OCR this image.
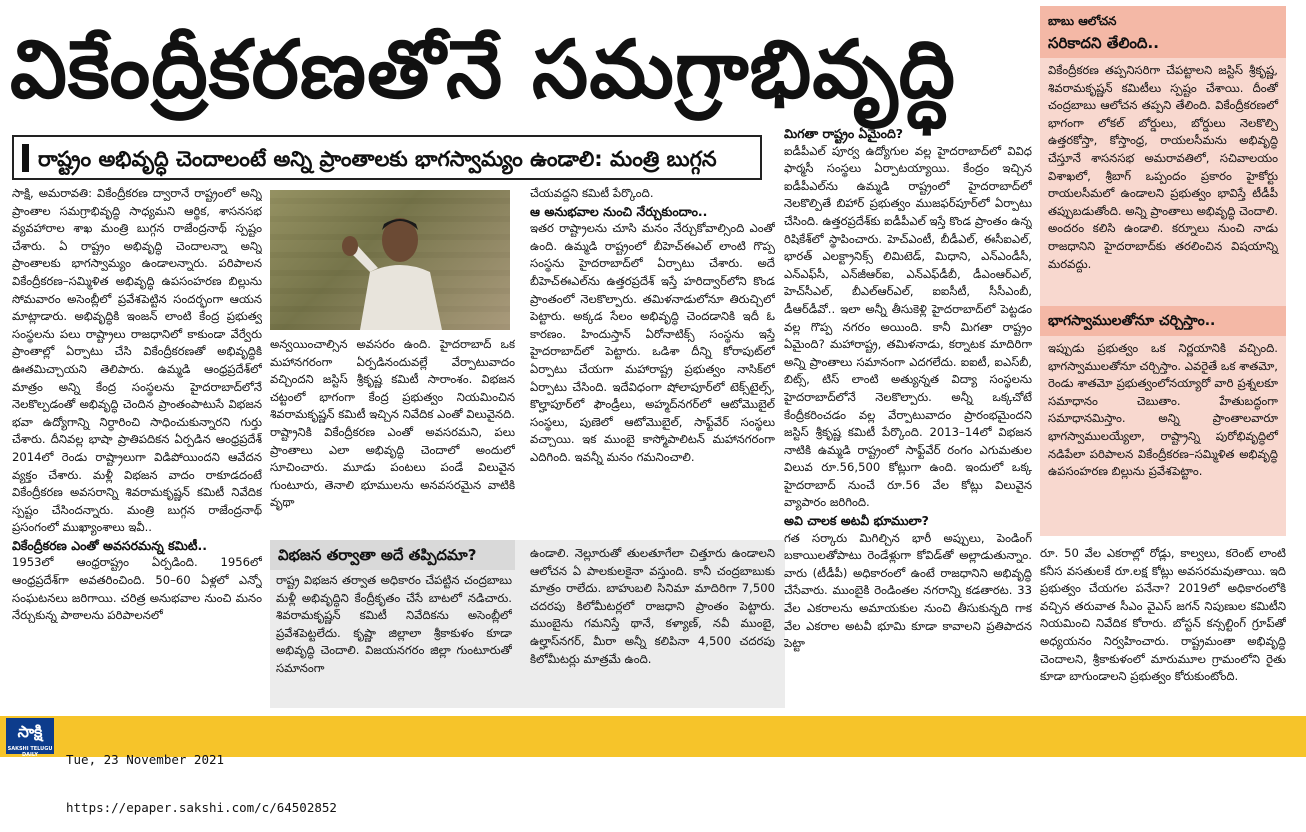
వికేంద్రీకరణతోనే సమగ్రాభివృద్ధి
రాష్ట్రం అభివృద్ధి చెందాలంటే అన్ని ప్రాంతాలకు భాగస్వామ్యం ఉండాలి: మంత్రి బుగ్గన

సాక్షి, అమరావతి: వికేంద్రీకరణ ద్వారానే రాష్ట్రంలో అన్ని ప్రాంతాల సమగ్రాభివృద్ధి సాధ్యమని ఆర్థిక, శాసనసభ వ్యవహారాల శాఖ మంత్రి బుగ్గన రాజేంద్రనాథ్ స్పష్టం చేశారు. ఏ రాష్ట్రం అభివృద్ధి చెందాలన్నా అన్ని ప్రాంతాలకు భాగస్వామ్యం ఉండాలన్నారు. పరిపాలన వికేంద్రీకరణ–సమ్మిళిత అభివృద్ధి ఉపసంహరణ బిల్లును సోమవారం అసెంబ్లీలో ప్రవేశపెట్టిన సందర్భంగా ఆయన మాట్లాడారు. అభివృద్ధికి ఇంజన్ లాంటి కేంద్ర ప్రభుత్వ సంస్థలను పలు రాష్ట్రాలు రాజధానిలో కాకుండా వేర్వేరు ప్రాంతాల్లో ఏర్పాటు చేసి వికేంద్రీకరణతో అభివృద్ధికి ఊతమిచ్చాయని తెలిపారు. ఉమ్మడి ఆంధ్రప్రదేశ్‌లో మాత్రం అన్ని కేంద్ర సంస్థలను హైదరాబాద్‌లోనే నెలకొల్పడంతో అభివృద్ధి చెందిన ప్రాంతంపాటుసే విభజన భవా ఉద్యోగాన్ని నిర్ధారించి సాధించుకున్నారని గుర్తు చేశారు. దీనివల్ల భాషా ప్రాతిపదికన ఏర్పడిన ఆంధ్రప్రదేశ్ 2014లో రెండు రాష్ట్రాలుగా విడిపోయిందని ఆవేదన వ్యక్తం చేశారు. మళ్లీ విభజన వాదం రాకూడదంటే వికేంద్రీకరణ అవసరాన్ని శివరామకృష్ణన్ కమిటీ నివేదిక స్పష్టం చేసిందన్నారు. మంత్రి బుగ్గన రాజేంద్రనాథ్ ప్రసంగంలో ముఖ్యాంశాలు ఇవీ..

వికేంద్రీకరణ ఎంతో అవసరమన్న కమిటీ..

1953లో ఆంధ్రరాష్ట్రం ఏర్పడింది. 1956లో ఆంధ్రప్రదేశ్‌గా అవతరించింది. 50–60 ఏళ్లలో ఎన్నో సంఘటనలు జరిగాయి. చరిత్ర అనుభవాల నుంచి మనం నేర్చుకున్న పాఠాలను పరిపాలనలో

అన్వయించాల్సిన అవసరం ఉంది. హైదరాబాద్ ఒక మహానగరంగా ఏర్పడినందువల్లే వేర్పాటువాదం వచ్చిందని జస్టిస్ శ్రీకృష్ణ కమిటీ సారాంశం. విభజన చట్టంలో భాగంగా కేంద్ర ప్రభుత్వం నియమించిన శివరామకృష్ణన్ కమిటీ ఇచ్చిన నివేదిక ఎంతో విలువైనది. రాష్ట్రానికి వికేంద్రీకరణ ఎంతో అవసరమని, పలు ప్రాంతాలు ఎలా అభివృద్ధి చెందాలో అందులో సూచించారు. మూడు పంటలు పండే విలువైన గుంటూరు, తెనాలి భూములను అనవసరమైన వాటికి వృథా

విభజన తర్వాతా అదే తప్పిదమా?

రాష్ట్ర విభజన తర్వాత అధికారం చేపట్టిన చంద్రబాబు మళ్లీ అభివృద్ధిని కేంద్రీకృతం చేసే బాటలో నడిచారు. శివరామకృష్ణన్ కమిటీ నివేదికను అసెంబ్లీలో ప్రవేశపెట్టలేదు. కృష్ణా జిల్లాలా శ్రీకాకుళం కూడా అభివృద్ధి చెందాలి. విజయనగరం జిల్లా గుంటూరుతో సమానంగా

చేయవద్దని కమిటీ పేర్కొంది.

ఆ అనుభవాల నుంచి నేర్చుకుందాం..

ఇతర రాష్ట్రాలను చూసి మనం నేర్చుకోవాల్సింది ఎంతో ఉంది. ఉమ్మడి రాష్ట్రంలో బీహెచ్‌ఈఎల్ లాంటి గొప్ప సంస్థను హైదరాబాద్‌లో ఏర్పాటు చేశారు. అదే బీహెచ్‌ఈఎల్‌ను ఉత్తరప్రదేశ్ ఇస్తే హరిద్వార్‌లోని కొండ ప్రాంతంలో నెలకొల్పారు. తమిళనాడులోనూ తిరుచ్చిలో పెట్టారు. అక్కడ సేలం అభివృద్ధి చెందడానికి ఇదీ ఓ కారణం. హిందుస్తాన్ ఏరోనాటిక్స్ సంస్థను ఇస్తే హైదరాబాద్‌లో పెట్టారు. ఒడిశా దీన్ని కోరాపుట్‌లో ఏర్పాటు చేయగా మహారాష్ట్ర ప్రభుత్వం నాసిక్‌లో ఏర్పాటు చేసింది. ఇదేవిధంగా షోలాపూర్‌లో టెక్స్‌టైల్స్, కొల్హాపూర్‌లో ఫౌండ్రీలు, అహ్మద్‌నగర్‌లో ఆటోమొబైల్ సంస్థలు, పుణెలో ఆటోమొబైల్, సాఫ్ట్‌వేర్ సంస్థలు వచ్చాయి. ఇక ముంబై కాస్మోపాలిటన్ మహానగరంగా ఎదిగింది. ఇవన్నీ మనం గమనించాలి.

ఉండాలి. నెల్లూరుతో తులతూగేలా చిత్తూరు ఉండాలని ఆలోచన ఏ పాలకులకైనా వస్తుంది. కానీ చంద్రబాబుకు మాత్రం రాలేదు. బాహుబలి సినిమా మాదిరిగా 7,500 చదరపు కిలోమీటర్లలో రాజధాని ప్రాంతం పెట్టారు. ముంబైను గమనిస్తే థానే, కళ్యాణ్, నవీ ముంబై, ఉల్హాస్‌నగర్, మీరా అన్నీ కలిపినా 4,500 చదరపు కిలోమీటర్లు మాత్రమే ఉంది.

మిగతా రాష్ట్రం ఏమైంది?

ఐడీపీఎల్ పూర్వ ఉద్యోగుల వల్ల హైదరాబాద్‌లో వివిధ ఫార్మసీ సంస్థలు ఏర్పాటయ్యాయి. కేంద్రం ఇచ్చిన ఐడీపీఎల్‌ను ఉమ్మడి రాష్ట్రంలో హైదరాబాద్‌లో నెలకొల్పితే బిహార్ ప్రభుత్వం ముజఫర్‌పూర్‌లో ఏర్పాటు చేసింది. ఉత్తరప్రదేశ్‌కు ఐడీపీఎల్ ఇస్తే కొండ ప్రాంతం ఉన్న రిషికేశ్‌లో స్థాపించారు. హెచ్‌ఎంటీ, బీడీఎల్, ఈసీఐఎల్, భారత్ ఎలక్ట్రానిక్స్ లిమిటెడ్, మిధాని, ఎన్‌ఎండీసీ, ఎన్‌ఎఫ్‌సీ, ఎన్‌జీఆర్‌ఐ, ఎన్‌ఎఫ్‌డీబీ, డీఎంఆర్‌ఎల్, హెచ్‌సీఎల్, బీఎల్‌ఆర్‌ఎల్, ఐఐసీటీ, సీసీఎంబీ, డీఆర్‌డీవో.. ఇలా అన్నీ తీసుకెళ్లి హైదరాబాద్‌లో పెట్టడం వల్ల గొప్ప నగరం అయింది. కానీ మిగతా రాష్ట్రం ఏమైంది? మహారాష్ట్ర, తమిళనాడు, కర్నాటక మాదిరిగా అన్ని ప్రాంతాలు సమానంగా ఎదగలేదు. ఐఐటీ, ఐఎస్‌బీ, బిట్స్, టిస్ లాంటి అత్యున్నత విద్యా సంస్థలను హైదరాబాద్‌లోనే నెలకొల్పారు. అన్నీ ఒక్కచోటే కేంద్రీకరించడం వల్ల వేర్పాటువాదం ప్రారంభమైందని జస్టిస్ శ్రీకృష్ణ కమిటీ పేర్కొంది. 2013–14లో విభజన నాటికి ఉమ్మడి రాష్ట్రంలో సాఫ్ట్‌వేర్ రంగం ఎగుమతుల విలువ రూ.56,500 కోట్లుగా ఉంది. ఇందులో ఒక్క హైదరాబాద్ నుంచే రూ.56 వేల కోట్లు విలువైన వ్యాపారం జరిగింది.

అవి చాలక అటవీ భూములా?

గత సర్కారు మిగిల్చిన భారీ అప్పులు, పెండింగ్ బకాయిలతోపాటు రెండేళ్లుగా కోవిడ్‌తో అల్లాడుతున్నాం. వారు (టీడీపీ) అధికారంలో ఉంటే రాజధానిని అభివృద్ధి చేసేవారు. ముంబైకి రెండింతల నగరాన్ని కడతారట. 33 వేల ఎకరాలను అమాయకుల నుంచి తీసుకున్నది గాక వేల ఎకరాల అటవీ భూమి కూడా కావాలని ప్రతిపాదన పెట్టా

బాబు ఆలోచన
సరికాదని తేలింది..

వికేంద్రీకరణ తప్పనిసరిగా చేపట్టాలని జస్టిస్ శ్రీకృష్ణ, శివరామకృష్ణన్ కమిటీలు స్పష్టం చేశాయి. దీంతో చంద్రబాబు ఆలోచన తప్పని తేలింది. వికేంద్రీకరణలో భాగంగా లోకల్ బోర్డులు, బోర్డులు నెలకొల్పి ఉత్తరకోస్తా, కోస్తాంధ్ర, రాయలసీమను అభివృద్ధి చేస్తూనే శాసనసభ అమరావతిలో, సచివాలయం విశాఖలో, శ్రీబాగ్ ఒప్పందం ప్రకారం హైకోర్టు రాయలసీమలో ఉండాలని ప్రభుత్వం భావిస్తే టీడీపీ తప్పుబడుతోంది. అన్ని ప్రాంతాలు అభివృద్ధి చెందాలి. అందరం కలిసి ఉండాలి. కర్నూలు నుంచి నాడు రాజధానిని హైదరాబాద్‌కు తరలించిన విషయాన్ని మరవద్దు.

భాగస్వాములతోనూ చర్చిస్తాం..

ఇప్పుడు ప్రభుత్వం ఒక నిర్ణయానికి వచ్చింది. భాగస్వాములతోనూ చర్చిస్తాం. ఎవరైతే ఒక శాతమో, రెండు శాతమో ప్రభుత్వంలోనయ్యారో వారి ప్రశ్నలకూ సమాధానం చెబుతాం. హేతుబద్ధంగా సమాధానమిస్తాం. అన్ని ప్రాంతాలవారూ భాగస్వాములయ్యేలా, రాష్ట్రాన్ని పురోభివృద్ధిలో నడిపేలా పరిపాలన వికేంద్రీకరణ–సమ్మిళిత అభివృద్ధి ఉపసంహరణ బిల్లును ప్రవేశపెట్టాం.

రూ. 50 వేల ఎకరాల్లో రోడ్లు, కాల్వలు, కరెంట్ లాంటి కనీస వసతులకే రూ.లక్ష కోట్లు అవసరమవుతాయి. ఇది ప్రభుత్వం చేయగల పనేనా? 2019లో అధికారంలోకి వచ్చిన తరువాత సీఎం వైఎస్ జగన్ నిపుణుల కమిటీని నియమించి నివేదిక కోరారు. బోస్టన్ కన్సల్టింగ్ గ్రూప్‌తో అధ్యయనం నిర్వహించారు. రాష్ట్రమంతా అభివృద్ధి చెందాలని, శ్రీకాకుళంలో మారుమూల గ్రామంలోని రైతు కూడా బాగుండాలని ప్రభుత్వం కోరుకుంటోంది.

సాక్షి
SAKSHI TELUGU DAILY

	Tue, 23 November 2021

https://epaper.sakshi.com/c/64502852
